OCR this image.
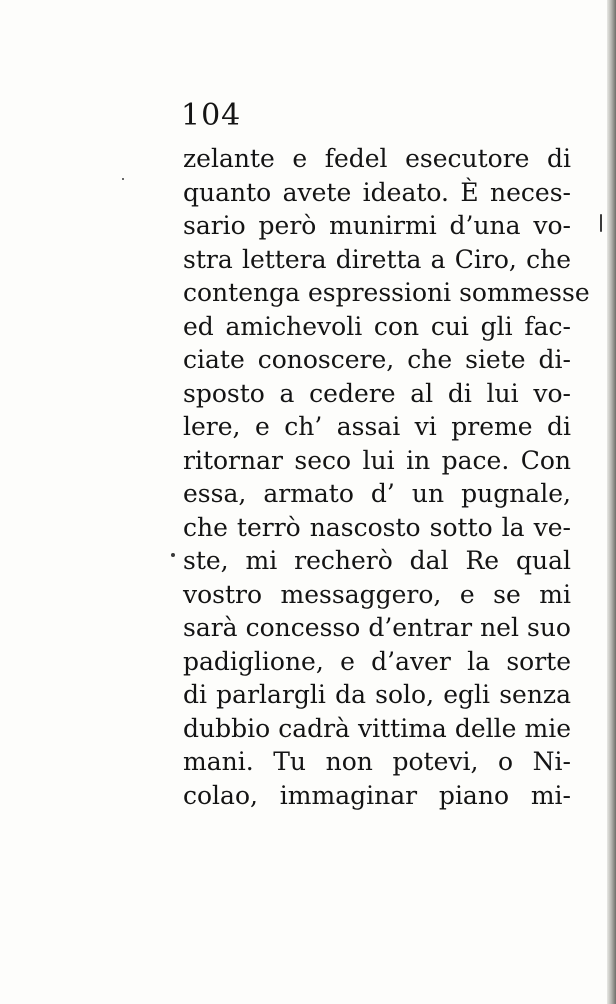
104

zelante e fedel esecutore di
quanto avete ideato. È neces-
sario però munirmi d’una vo-
stra lettera diretta a Ciro, che
contenga espressioni sommesse
ed amichevoli con cui gli fac-
ciate conoscere, che siete di-
sposto a cedere al di lui vo-
lere, e ch’ assai vi preme di
ritornar seco lui in pace. Con
essa, armato d’ un pugnale,
che terrò nascosto sotto la ve-
ste, mi recherò dal Re qual
vostro messaggero, e se mi
sarà concesso d’entrar nel suo
padiglione, e d’aver la sorte
di parlargli da solo, egli senza
dubbio cadrà vittima delle mie
mani. Tu non potevi, o Ni-
colao, immaginar piano mi-
